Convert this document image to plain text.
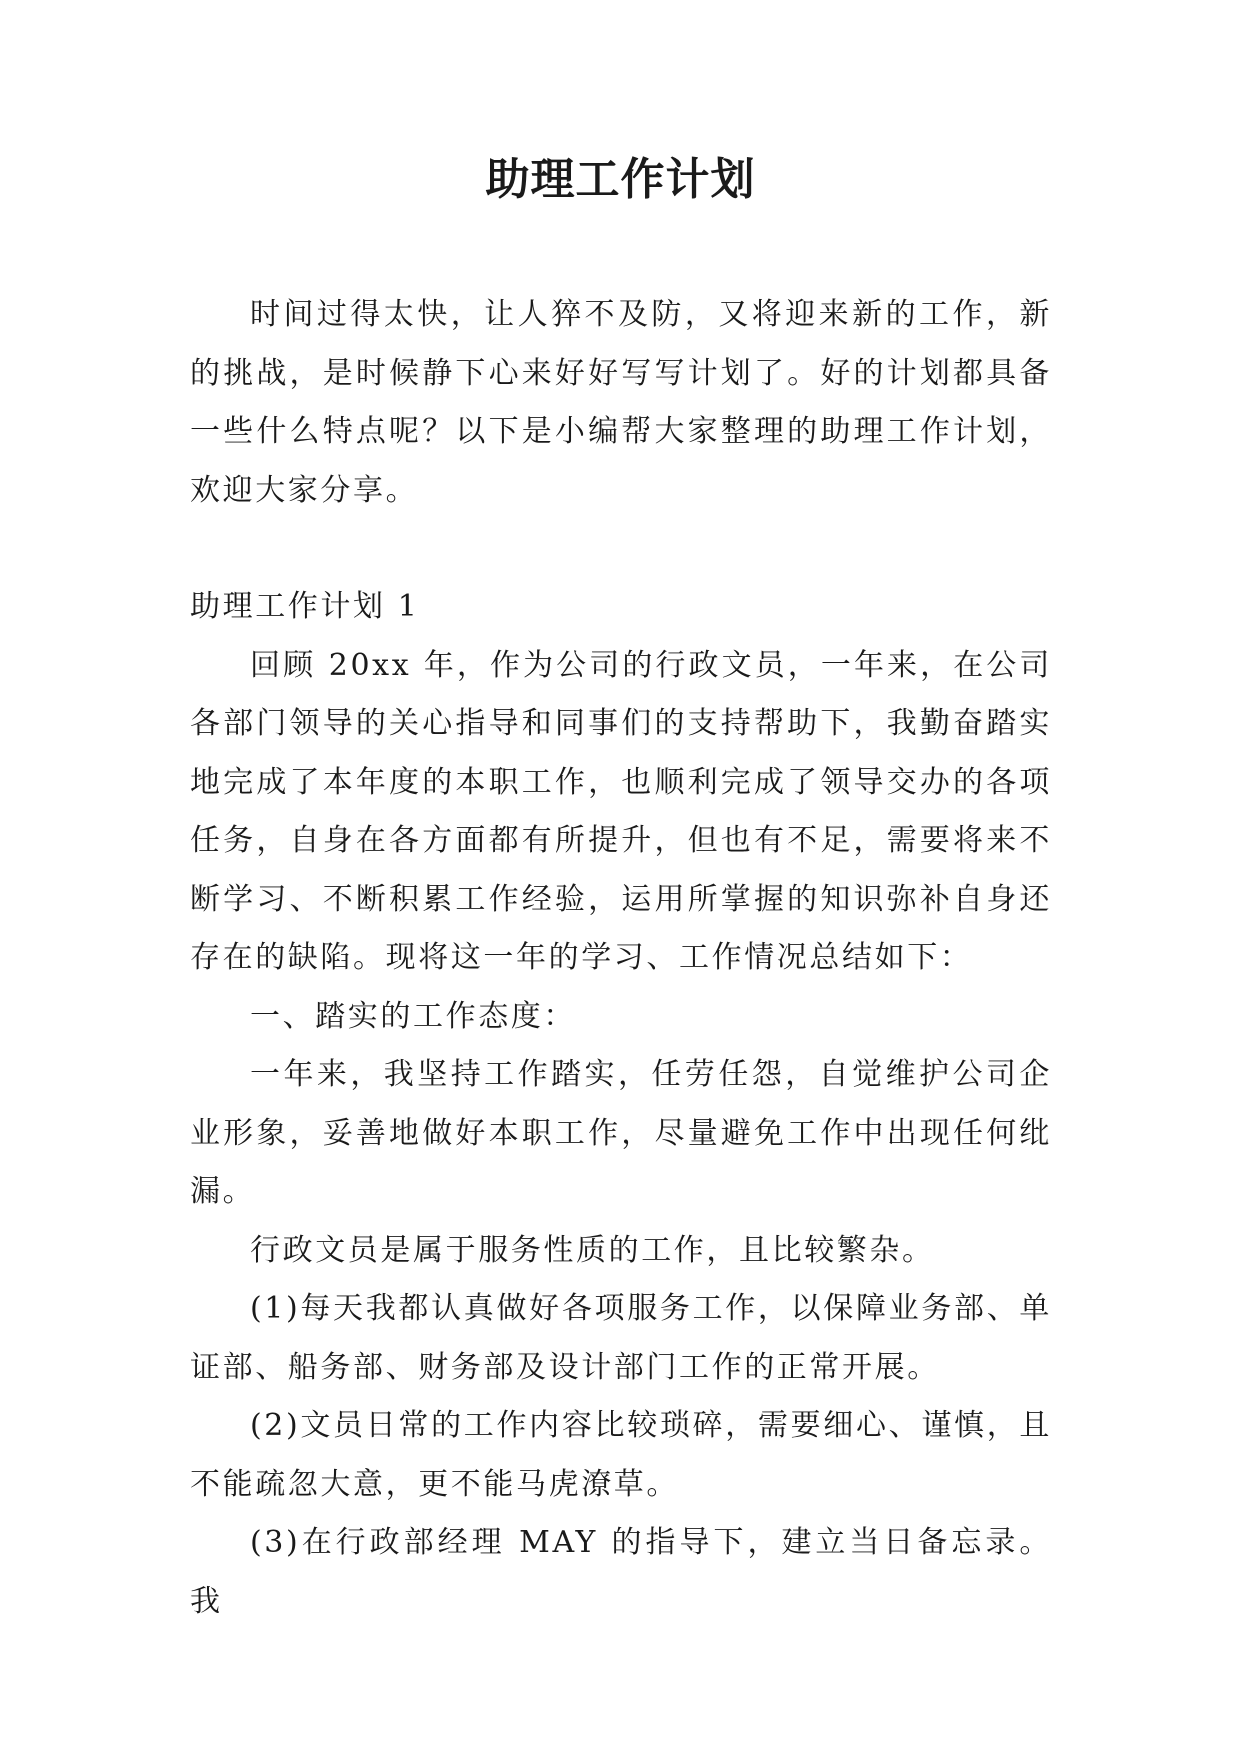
助理工作计划

时间过得太快，让人猝不及防，又将迎来新的工作，新的挑战，是时候静下心来好好写写计划了。好的计划都具备一些什么特点呢？以下是小编帮大家整理的助理工作计划，欢迎大家分享。

助理工作计划 1

回顾 20xx 年，作为公司的行政文员，一年来，在公司各部门领导的关心指导和同事们的支持帮助下，我勤奋踏实地完成了本年度的本职工作，也顺利完成了领导交办的各项任务，自身在各方面都有所提升，但也有不足，需要将来不断学习、不断积累工作经验，运用所掌握的知识弥补自身还存在的缺陷。现将这一年的学习、工作情况总结如下：

一、踏实的工作态度：

一年来，我坚持工作踏实，任劳任怨，自觉维护公司企业形象，妥善地做好本职工作，尽量避免工作中出现任何纰漏。

行政文员是属于服务性质的工作，且比较繁杂。

(1)每天我都认真做好各项服务工作，以保障业务部、单证部、船务部、财务部及设计部门工作的正常开展。

(2)文员日常的工作内容比较琐碎，需要细心、谨慎，且不能疏忽大意，更不能马虎潦草。

(3)在行政部经理 MAY 的指导下，建立当日备忘录。我
